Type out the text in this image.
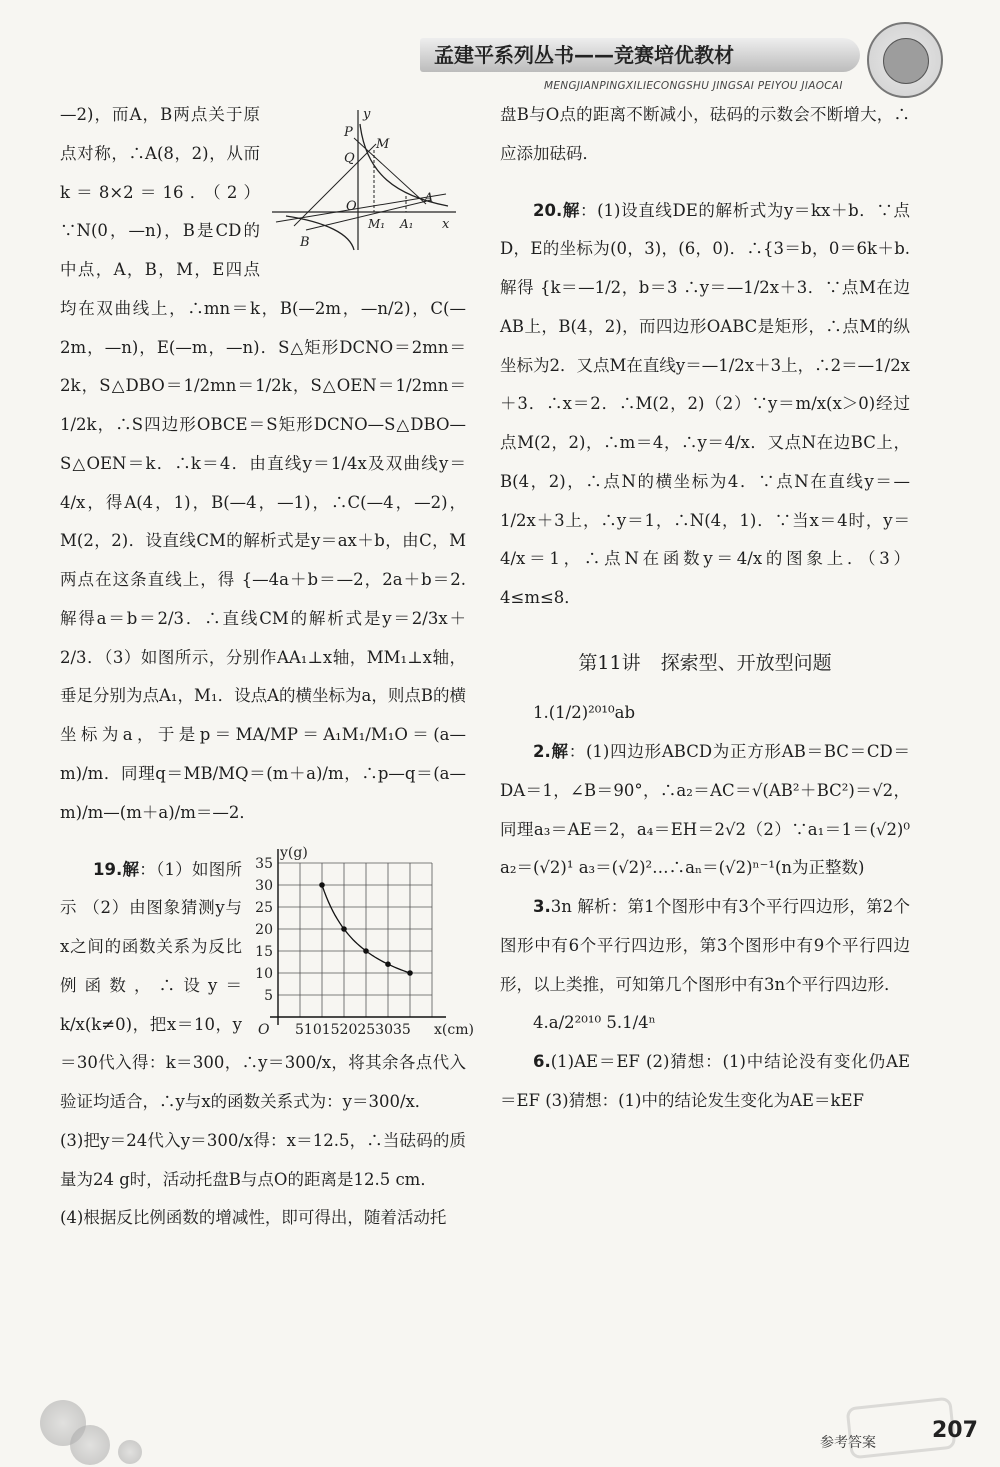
孟建平系列丛书——竞赛培优教材
MENGJIANPINGXILIECONGSHU JINGSAI PEIYOU JIAOCAI
y
P
Q
M
A
O
B
M₁ A₁ x

—2)，而A，B两点关于原点对称，∴A(8，2)，从而k＝8×2＝16．（2）∵N(0，—n)，B是CD的中点，A，B，M，E四点均在双曲线上，∴mn＝k，B(—2m，—n/2)，C(—2m，—n)，E(—m，—n)．S△矩形DCNO＝2mn＝2k，S△DBO＝1/2mn＝1/2k，S△OEN＝1/2mn＝1/2k，∴S四边形OBCE＝S矩形DCNO—S△DBO—S△OEN＝k．∴k＝4．由直线y＝1/4x及双曲线y＝4/x，得A(4，1)，B(—4，—1)，∴C(—4，—2)，M(2，2)．设直线CM的解析式是y＝ax＋b，由C，M两点在这条直线上，得 {—4a＋b＝—2，2a＋b＝2. 解得a＝b＝2/3．∴直线CM的解析式是y＝2/3x＋2/3．（3）如图所示，分别作AA₁⊥x轴，MM₁⊥x轴，垂足分别为点A₁，M₁．设点A的横坐标为a，则点B的横坐标为a，于是p＝MA/MP＝A₁M₁/M₁O＝(a—m)/m．同理q＝MB/MQ＝(m＋a)/m，∴p—q＝(a—m)/m—(m＋a)/m＝—2．

35
30
25
20
15
10
5
5101520253035
O	x(cm)
y(g)

19.解：（1）如图所示 （2）由图象猜测y与x之间的函数关系为反比例函数，∴设y＝k/x(k≠0)，把x＝10，y＝30代入得：k＝300，∴y＝300/x，将其余各点代入验证均适合，∴y与x的函数关系式为：y＝300/x．

(3)把y＝24代入y＝300/x得：x＝12.5，∴当砝码的质量为24 g时，活动托盘B与点O的距离是12.5 cm．

(4)根据反比例函数的增减性，即可得出，随着活动托

盘B与O点的距离不断减小，砝码的示数会不断增大，∴应添加砝码．

20.解：(1)设直线DE的解析式为y＝kx＋b．∵点D，E的坐标为(0，3)，(6，0)．∴{3＝b，0＝6k＋b. 解得 {k＝—1/2，b＝3 ∴y＝—1/2x＋3．∵点M在边AB上，B(4，2)，而四边形OABC是矩形，∴点M的纵坐标为2．又点M在直线y＝—1/2x＋3上，∴2＝—1/2x＋3．∴x＝2．∴M(2，2)（2）∵y＝m/x(x＞0)经过点M(2，2)，∴m＝4，∴y＝4/x．又点N在边BC上，B(4，2)，∴点N的横坐标为4．∵点N在直线y＝—1/2x＋3上，∴y＝1，∴N(4，1)．∵当x＝4时，y＝4/x＝1，∴点N在函数y＝4/x的图象上．（3）4≤m≤8．

第11讲 探索型、开放型问题

1.(1/2)²⁰¹⁰ab

2.解：(1)四边形ABCD为正方形AB＝BC＝CD＝DA＝1，∠B＝90°，∴a₂＝AC＝√(AB²＋BC²)＝√2，同理a₃＝AE＝2，a₄＝EH＝2√2（2）∵a₁＝1＝(√2)⁰ a₂＝(√2)¹ a₃＝(√2)²…∴aₙ＝(√2)ⁿ⁻¹(n为正整数)

3.3n 解析：第1个图形中有3个平行四边形，第2个图形中有6个平行四边形，第3个图形中有9个平行四边形，以上类推，可知第几个图形中有3n个平行四边形．

4.a/2²⁰¹⁰ 5.1/4ⁿ

6.(1)AE＝EF (2)猜想：(1)中结论没有变化仍AE＝EF (3)猜想：(1)中的结论发生变化为AE＝kEF

参考答案	207
